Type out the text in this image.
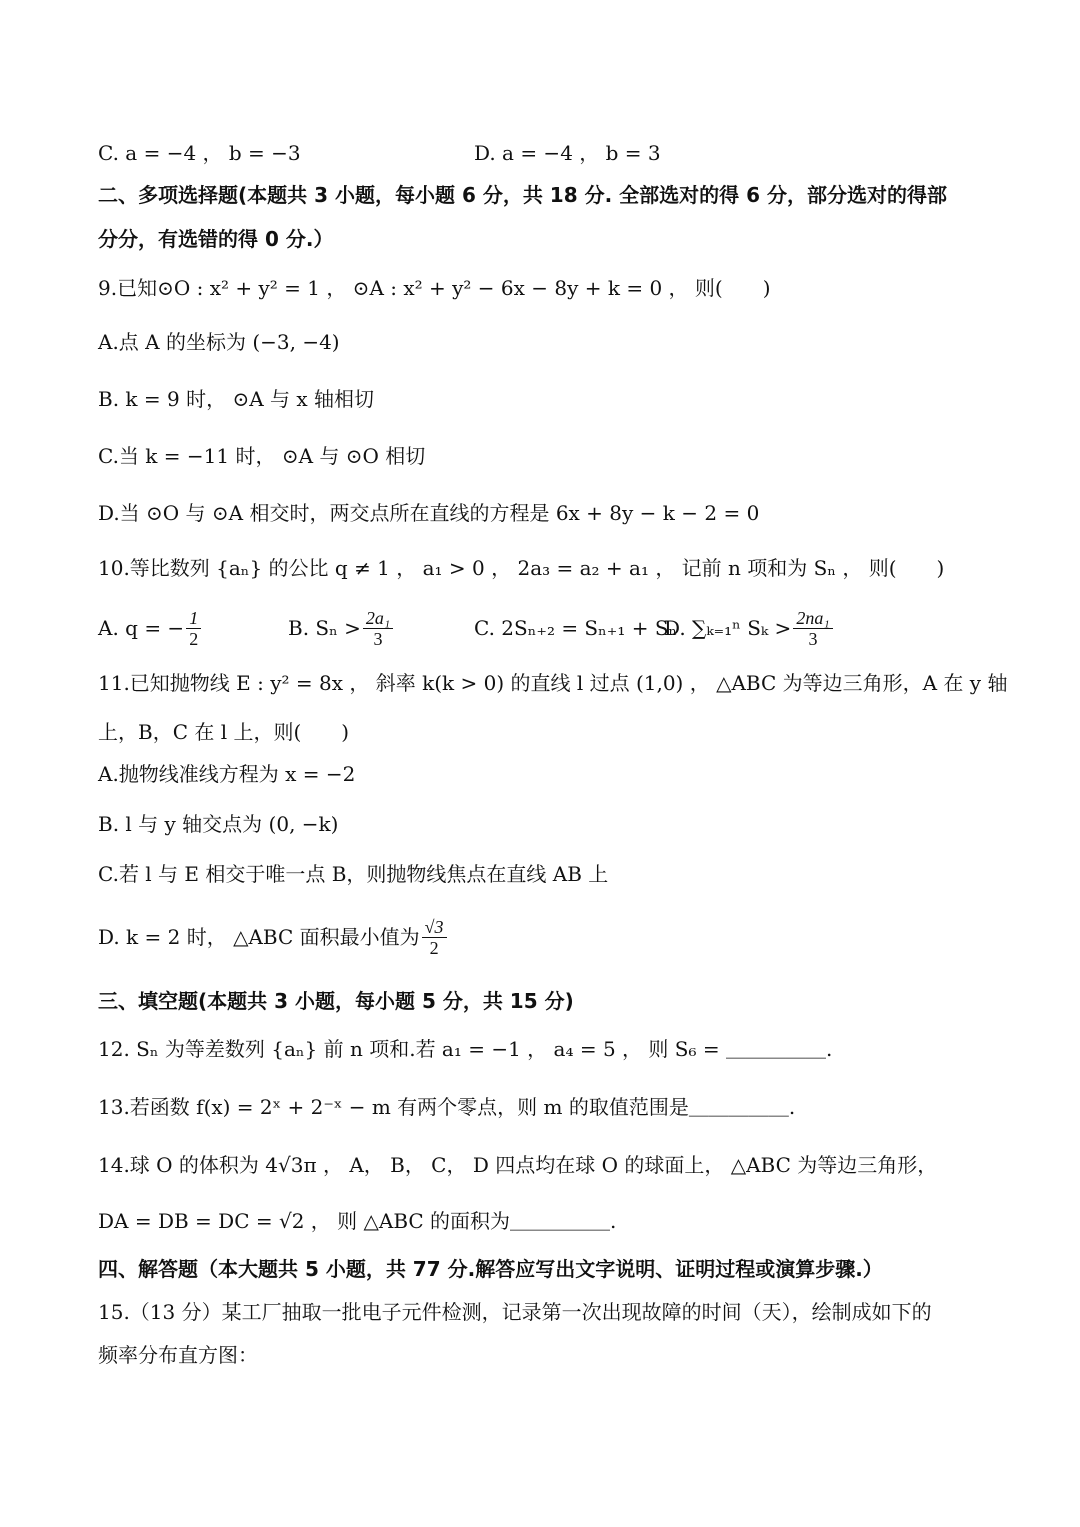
C. a = −4 ， b = −3	D. a = −4 ， b = 3
二、多项选择题(本题共 3 小题，每小题 6 分，共 18 分. 全部选对的得 6 分，部分选对的得部
分分，有选错的得 0 分.）
9.已知⊙O : x² + y² = 1 ， ⊙A : x² + y² − 6x − 8y + k = 0 ， 则(　　)
A.点 A 的坐标为 (−3, −4)
B. k = 9 时， ⊙A 与 x 轴相切
C.当 k = −11 时， ⊙A 与 ⊙O 相切
D.当 ⊙O 与 ⊙A 相交时，两交点所在直线的方程是 6x + 8y − k − 2 = 0
10.等比数列 {aₙ} 的公比 q ≠ 1 ， a₁ > 0 ， 2a₃ = a₂ + a₁ ， 记前 n 项和为 Sₙ ， 则(　　)
A. q = − $\frac{1}{2}$	B. $S_n > \frac{\text{2a₁}}{3}$	C. 2Sₙ₊₂ = Sₙ₊₁ + Sₙ
D. ∑ₖ₌₁ⁿ $S_k > \frac{\text{2na₁}}{3}$
11.已知抛物线 E : y² = 8x ， 斜率 k(k > 0) 的直线 l 过点 (1,0) ， △ABC 为等边三角形，A 在 y 轴
上，B，C 在 l 上，则(　　)
A.抛物线准线方程为 x = −2
B. l 与 y 轴交点为 (0, −k)
C.若 l 与 E 相交于唯一点 B，则抛物线焦点在直线 AB 上
D. k = 2 时， △ABC 面积最小值为 $\frac{√3}{2}$
三、填空题(本题共 3 小题，每小题 5 分，共 15 分)
12. Sₙ 为等差数列 {aₙ} 前 n 项和.若 a₁ = −1 ， a₄ = 5 ， 则 S₆ = ＿＿＿＿＿.
13.若函数 f(x) = 2ˣ + 2⁻ˣ − m 有两个零点，则 m 的取值范围是＿＿＿＿＿.
14.球 O 的体积为 4√3π ， A， B， C， D 四点均在球 O 的球面上， △ABC 为等边三角形，
DA = DB = DC = √2 ， 则 △ABC 的面积为＿＿＿＿＿.
四、解答题（本大题共 5 小题，共 77 分.解答应写出文字说明、证明过程或演算步骤.）
15.（13 分）某工厂抽取一批电子元件检测，记录第一次出现故障的时间（天），绘制成如下的
频率分布直方图：
